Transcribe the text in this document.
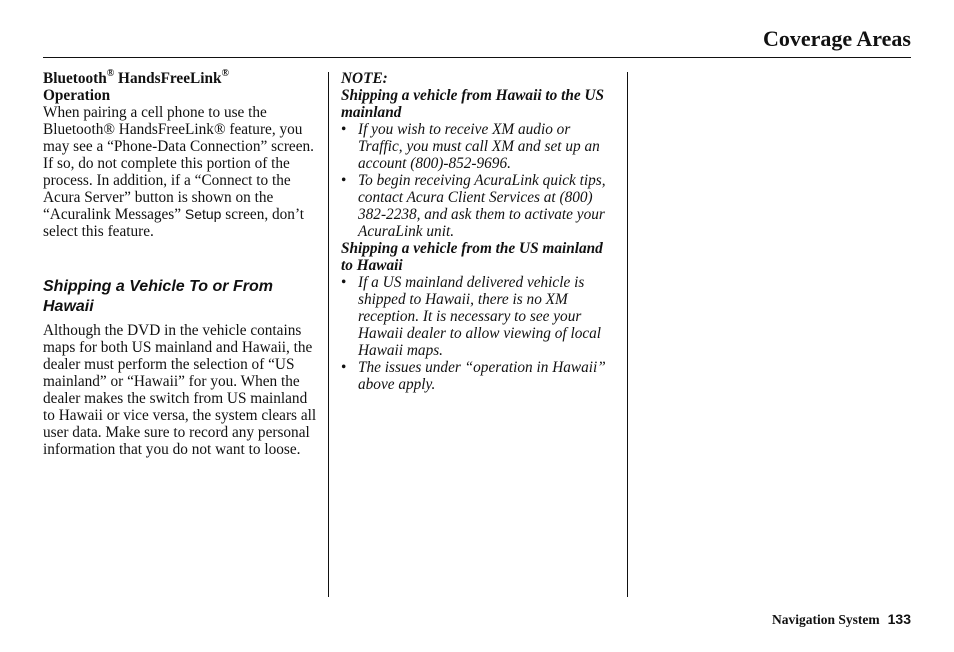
Coverage Areas
Bluetooth® HandsFreeLink®
Operation

When pairing a cell phone to use the Bluetooth® HandsFreeLink® feature, you may see a “Phone-Data Connection” screen. If so, do not complete this portion of the process. In addition, if a “Connect to the Acura Server” button is shown on the “Acuralink Messages” Setup screen, don’t select this feature.

Shipping a Vehicle To or From Hawaii

Although the DVD in the vehicle contains maps for both US mainland and Hawaii, the dealer must perform the selection of “US mainland” or “Hawaii” for you. When the dealer makes the switch from US mainland to Hawaii or vice versa, the system clears all user data. Make sure to record any personal information that you do not want to loose.

NOTE:
Shipping a vehicle from Hawaii to the US mainland
• If you wish to receive XM audio or Traffic, you must call XM and set up an account (800)-852-9696.
• To begin receiving AcuraLink quick tips, contact Acura Client Services at (800) 382-2238, and ask them to activate your AcuraLink unit.
Shipping a vehicle from the US mainland to Hawaii
• If a US mainland delivered vehicle is shipped to Hawaii, there is no XM reception. It is necessary to see your Hawaii dealer to allow viewing of local Hawaii maps.
• The issues under “operation in Hawaii” above apply.
Navigation System 133
